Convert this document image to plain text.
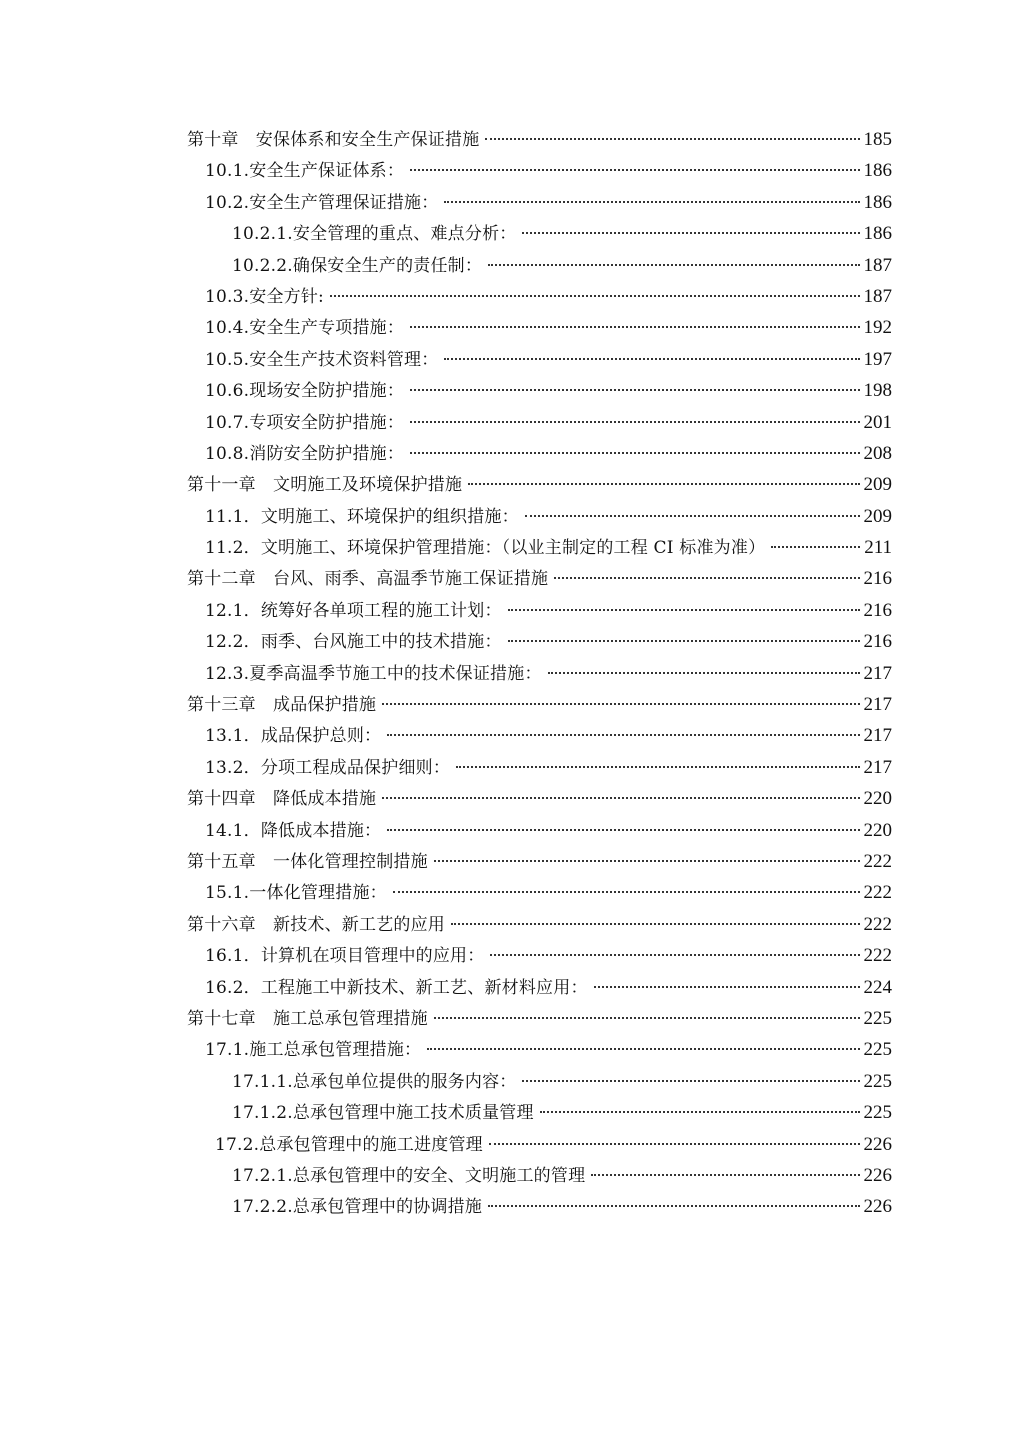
第十章　安保体系和安全生产保证措施	185
10.1.安全生产保证体系：	186
10.2.安全生产管理保证措施：	186
10.2.1.安全管理的重点、难点分析：	186
10.2.2.确保安全生产的责任制：	187
10.3.安全方针:	187
10.4.安全生产专项措施：	192
10.5.安全生产技术资料管理：	197
10.6.现场安全防护措施：	198
10.7.专项安全防护措施：	201
10.8.消防安全防护措施：	208
第十一章　文明施工及环境保护措施	209
11.1．文明施工、环境保护的组织措施：	209
11.2．文明施工、环境保护管理措施：（以业主制定的工程 CI 标准为准）	211
第十二章　台风、雨季、高温季节施工保证措施	216
12.1．统筹好各单项工程的施工计划：	216
12.2．雨季、台风施工中的技术措施：	216
12.3.夏季高温季节施工中的技术保证措施：	217
第十三章　成品保护措施	217
13.1．成品保护总则：	217
13.2．分项工程成品保护细则：	217
第十四章　降低成本措施	220
14.1．降低成本措施：	220
第十五章　一体化管理控制措施	222
15.1.一体化管理措施：	222
第十六章　新技术、新工艺的应用	222
16.1．计算机在项目管理中的应用：	222
16.2．工程施工中新技术、新工艺、新材料应用：	224
第十七章　施工总承包管理措施	225
17.1.施工总承包管理措施：	225
17.1.1.总承包单位提供的服务内容：	225
17.1.2.总承包管理中施工技术质量管理	225
17.2.总承包管理中的施工进度管理	226
17.2.1.总承包管理中的安全、文明施工的管理	226
17.2.2.总承包管理中的协调措施	226
